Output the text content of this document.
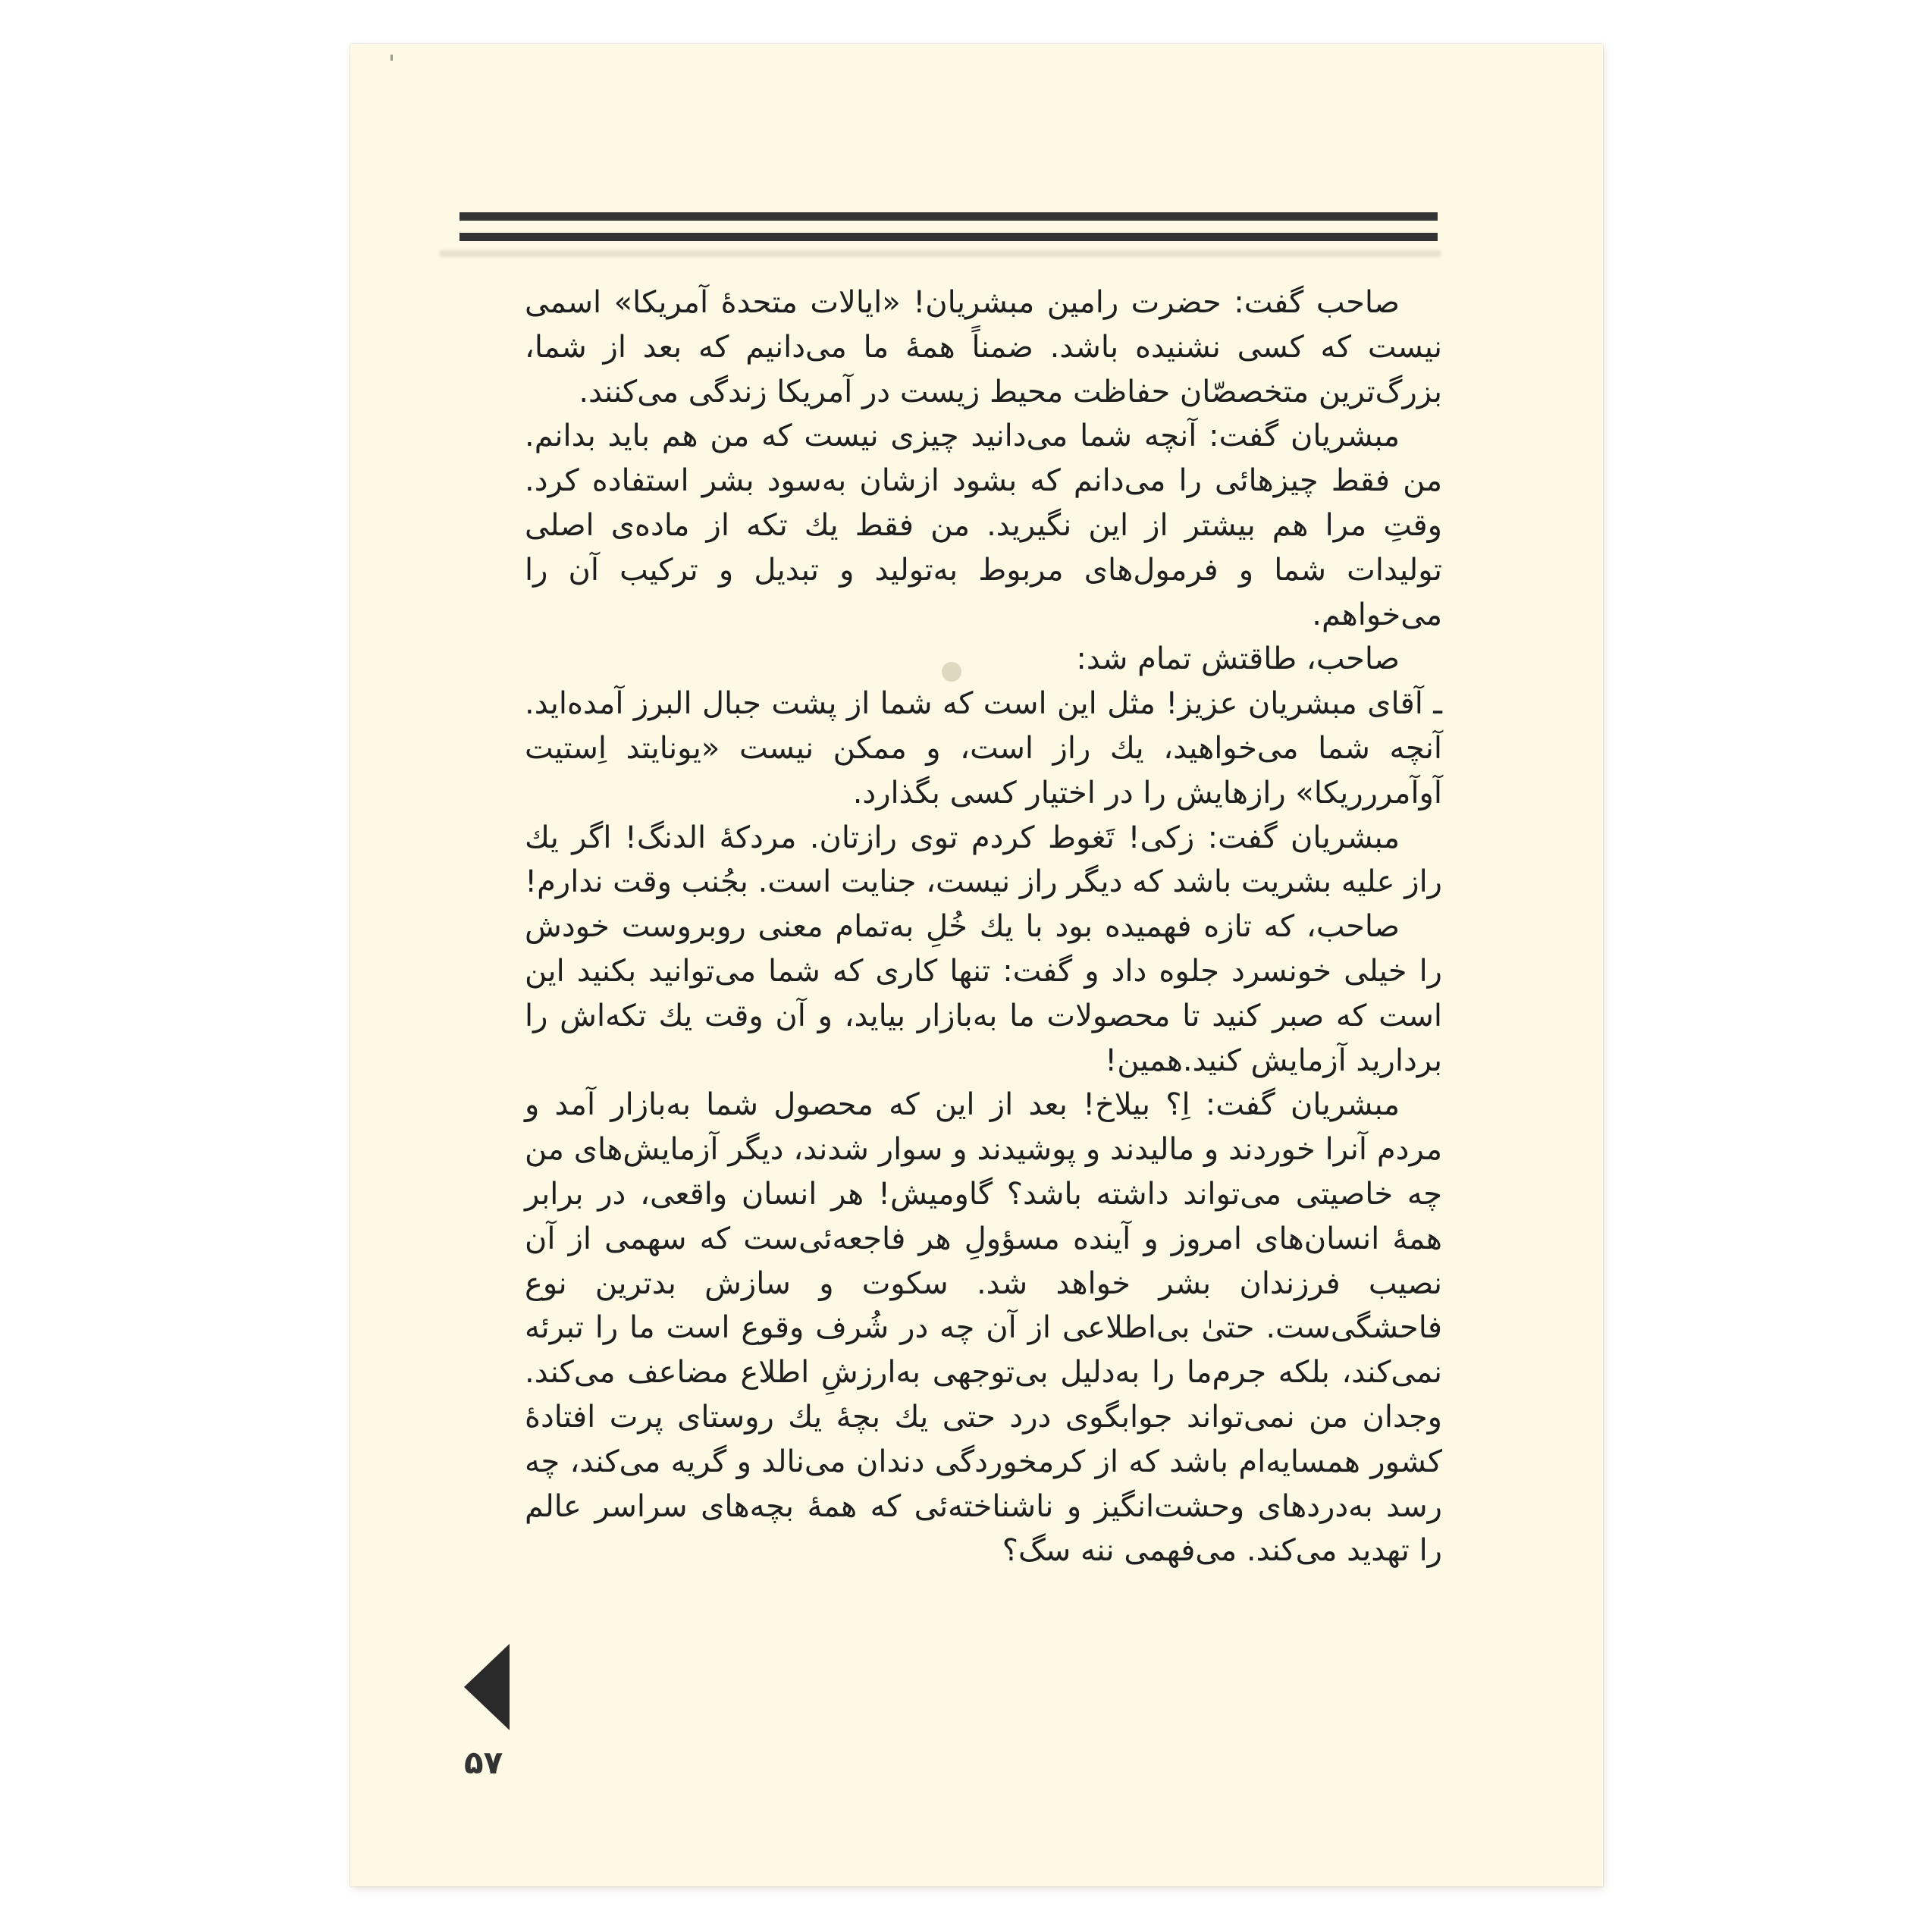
صاحب گفت: حضرت رامین مبشریان! «ایالات متحدهٔ آمریکا» اسمی نیست که کسی نشنیده باشد. ضمناً همهٔ ما می‌دانیم که بعد از شما، بزرگ‌ترین متخصصّان حفاظت محیط زیست در آمریکا زندگی می‌کنند.

مبشریان گفت: آنچه شما می‌دانید چیزی نیست که من هم باید بدانم. من فقط چیزهائی را می‌دانم که بشود ازشان به‌سود بشر استفاده کرد. وقتِ مرا هم بیشتر از این نگیرید. من فقط یك تکه از ماده‌ی اصلی تولیدات شما و فرمول‌های مربوط به‌تولید و تبدیل و ترکیب آن را می‌خواهم.

صاحب، طاقتش تمام شد:

ـ آقای مبشریان عزیز! مثل این است که شما از پشت جبال البرز آمده‌اید. آنچه شما می‌خواهید، یك راز است، و ممکن نیست «یونایتد اِستیت آوآمررریکا» رازهایش را در اختیار کسی بگذارد.

مبشریان گفت: زکی! تَغوط کردم توی رازتان. مردکهٔ الدنگ! اگر یك راز علیه بشریت باشد که دیگر راز نیست، جنایت است. بجُنب وقت ندارم!

صاحب، که تازه فهمیده بود با یك خُلِ به‌تمام معنی روبروست خودش را خیلی خونسرد جلوه داد و گفت: تنها کاری که شما می‌توانید بکنید این است که صبر کنید تا محصولات ما به‌بازار بیاید، و آن وقت یك تکه‌اش را بردارید آزمایش کنید.همین!

مبشریان گفت: اِ؟ بیلاخ! بعد از این که محصول شما به‌بازار آمد و مردم آنرا خوردند و مالیدند و پوشیدند و سوار شدند، دیگر آزمایش‌های من چه خاصیتی می‌تواند داشته باشد؟ گاومیش! هر انسان واقعی، در برابر همهٔ انسان‌های امروز و آینده مسؤولِ هر فاجعه‌ئی‌ست که سهمی از آن نصیب فرزندان بشر خواهد شد. سکوت و سازش بدترین نوع فاحشگی‌ست. حتیٰ بی‌اطلاعی از آن چه در شُرف وقوع است ما را تبرئه نمی‌کند، بلکه جرم‌ما را به‌دلیل بی‌توجهی به‌ارزشِ اطلاع مضاعف می‌کند. وجدان من نمی‌تواند جوابگوی درد حتی یك بچهٔ یك روستای پرت افتادهٔ کشور همسایه‌ام باشد که از کرمخوردگی دندان می‌نالد و گریه می‌کند، چه رسد به‌دردهای وحشت‌انگیز و ناشناخته‌ئی که همهٔ بچه‌های سراسر عالم را تهدید می‌کند. می‌فهمی ننه سگ؟

۵۷
